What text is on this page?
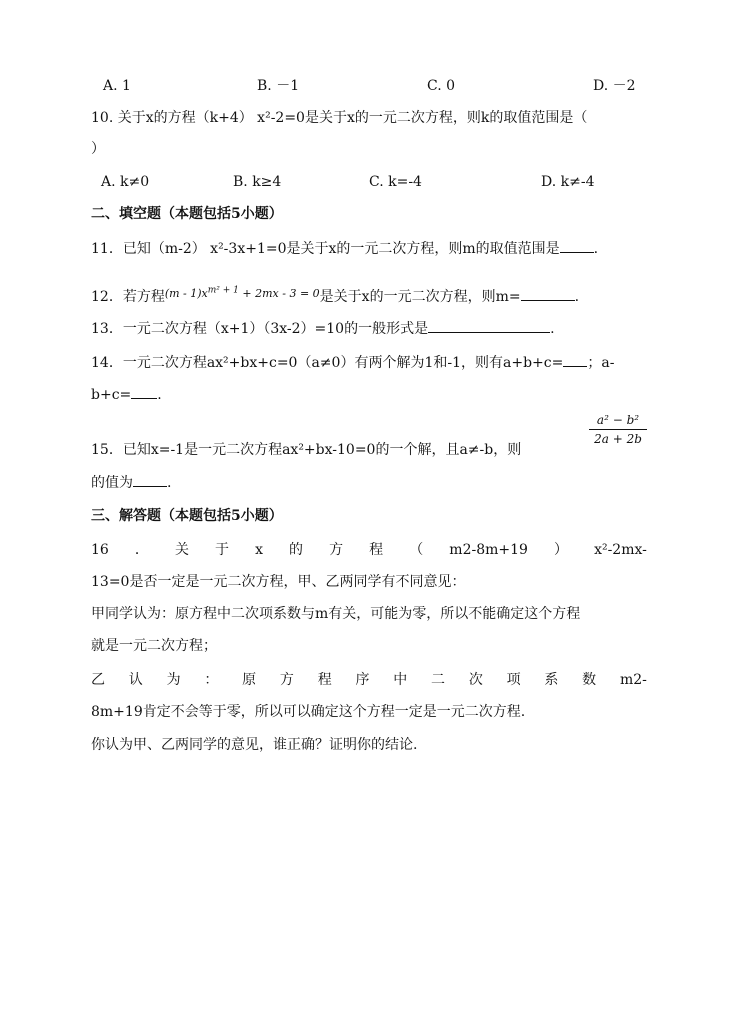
A. 1	B. －1	C. 0	D. －2
10. 关于x的方程（k+4） x²-2=0是关于x的一元二次方程，则k的取值范围是（
）
A. k≠0	B. k≥4	C. k=-4	D. k≠-4
二、填空题（本题包括5小题）
11．已知（m-2） x²-3x+1=0是关于x的一元二次方程，则m的取值范围是 .
12．若方程$^{(m - 1)x^{m^2 + 1} + 2mx - 3 = 0}$是关于x的一元二次方程，则m=	.
13．一元二次方程（x+1）（3x-2）=10的一般形式是	.
14．一元二次方程ax²+bx+c=0（a≠0）有两个解为1和-1，则有a+b+c= ；a-
b+c= .
15．已知x=-1是一元二次方程ax²+bx-10=0的一个解，且a≠-b，则
$\frac{\text{a² − b²}}{2a + 2b}$
的值为 .
三、解答题（本题包括5小题）
16 ． 关 于 x 的 方 程 （ m2-8m+19 ） x²-2mx-
13=0是否一定是一元二次方程，甲、乙两同学有不同意见：
甲同学认为：原方程中二次项系数与m有关，可能为零，所以不能确定这个方程
就是一元二次方程；
乙 认 为 ： 原 方 程 序 中 二 次 项 系 数 m2-
8m+19肯定不会等于零，所以可以确定这个方程一定是一元二次方程.
你认为甲、乙两同学的意见，谁正确？证明你的结论.
